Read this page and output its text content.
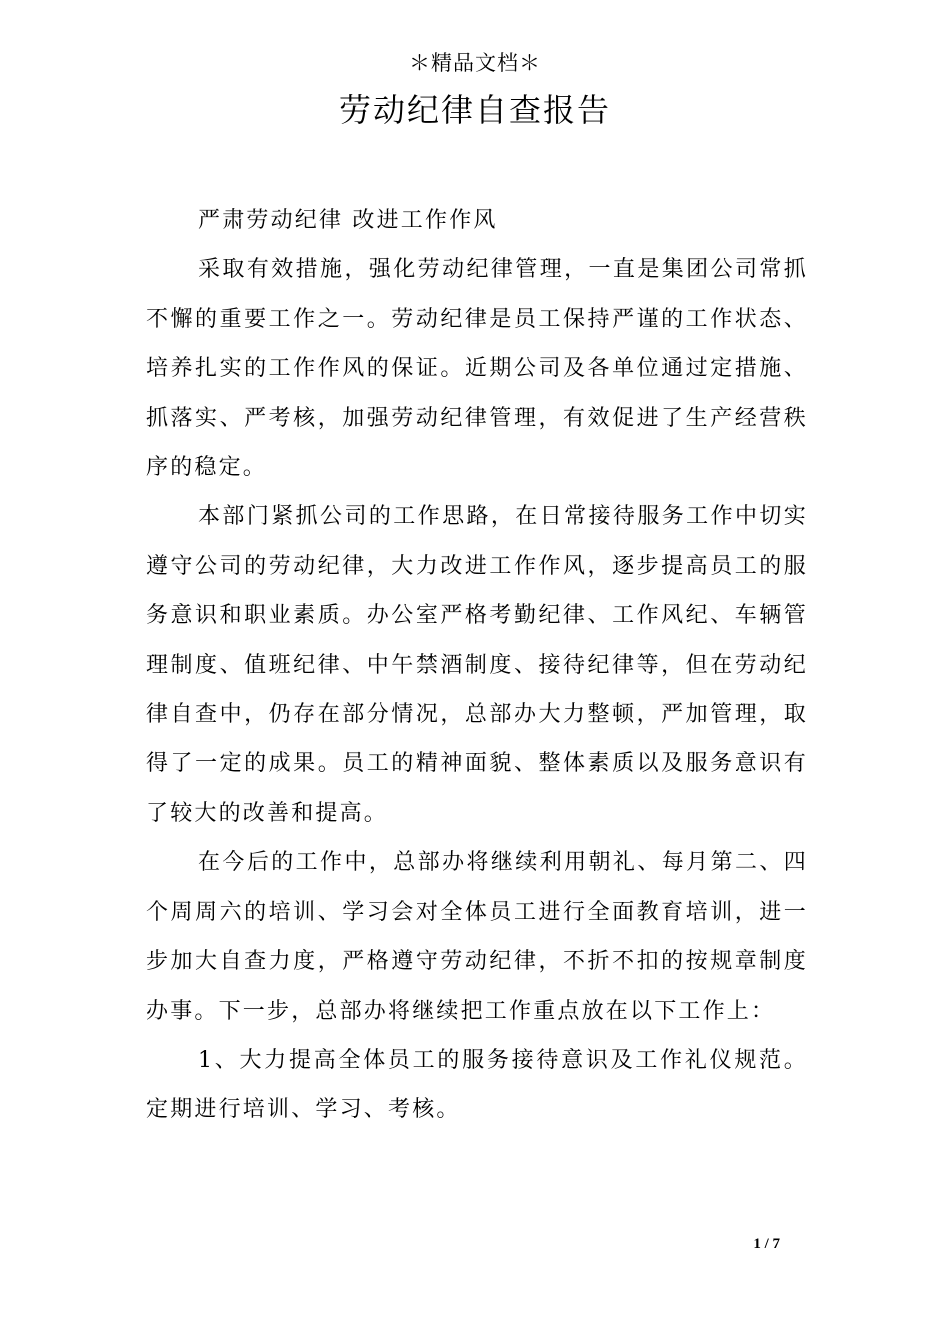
＊精品文档＊
劳动纪律自查报告

严肃劳动纪律 改进工作作风

采取有效措施，强化劳动纪律管理，一直是集团公司常抓不懈的重要工作之一。劳动纪律是员工保持严谨的工作状态、培养扎实的工作作风的保证。近期公司及各单位通过定措施、抓落实、严考核，加强劳动纪律管理，有效促进了生产经营秩序的稳定。

本部门紧抓公司的工作思路，在日常接待服务工作中切实遵守公司的劳动纪律，大力改进工作作风，逐步提高员工的服务意识和职业素质。办公室严格考勤纪律、工作风纪、车辆管理制度、值班纪律、中午禁酒制度、接待纪律等，但在劳动纪律自查中，仍存在部分情况，总部办大力整顿，严加管理，取得了一定的成果。员工的精神面貌、整体素质以及服务意识有了较大的改善和提高。

在今后的工作中，总部办将继续利用朝礼、每月第二、四个周周六的培训、学习会对全体员工进行全面教育培训，进一步加大自查力度，严格遵守劳动纪律，不折不扣的按规章制度办事。下一步，总部办将继续把工作重点放在以下工作上：

1、大力提高全体员工的服务接待意识及工作礼仪规范。定期进行培训、学习、考核。

1 / 7
